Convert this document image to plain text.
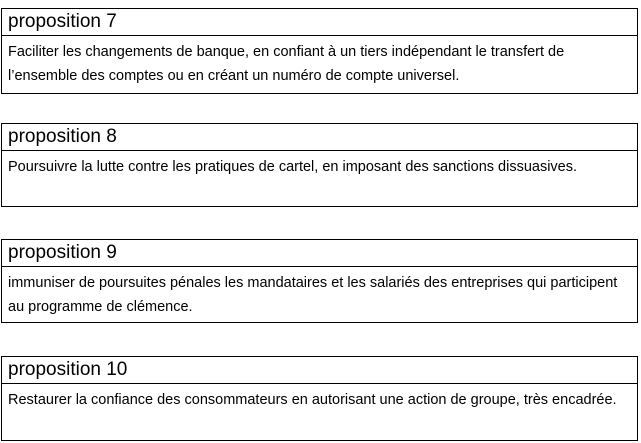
proposition 7
Faciliter les changements de banque, en confiant à un tiers indépendant le transfert de l’ensemble des comptes ou en créant un numéro de compte universel.
proposition 8
Poursuivre la lutte contre les pratiques de cartel, en imposant des sanctions dissuasives.
proposition 9
immuniser de poursuites pénales les mandataires et les salariés des entreprises qui participent au programme de clémence.
proposition 10
Restaurer la confiance des consommateurs en autorisant une action de groupe, très encadrée.
